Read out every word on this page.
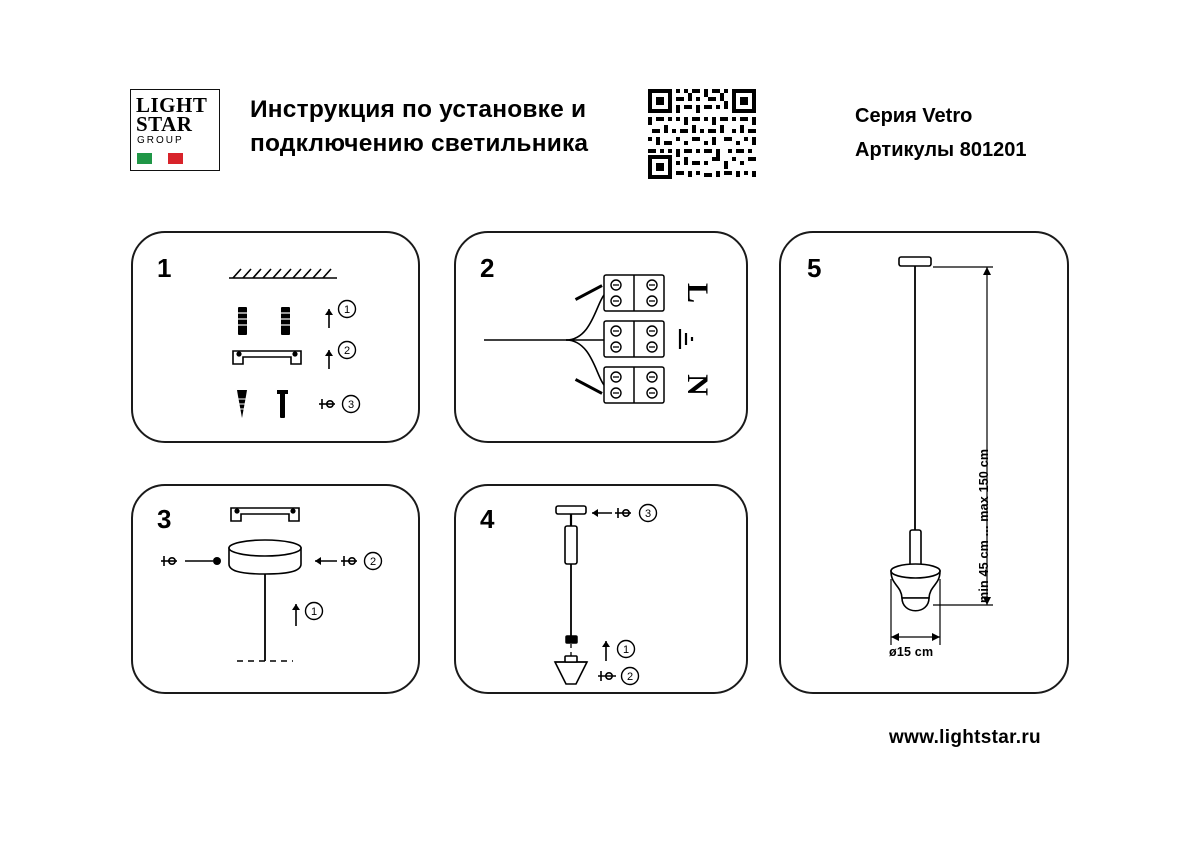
LIGHT
STAR
GROUP
Инструкция по установке и
подключению светильника
Серия Vetro
Артикулы 801201
1
1
2
3
2
L
N
3
2
1
4	3
1
2
5
min 45 cm ... max 150 cm
ø15 cm
www.lightstar.ru
